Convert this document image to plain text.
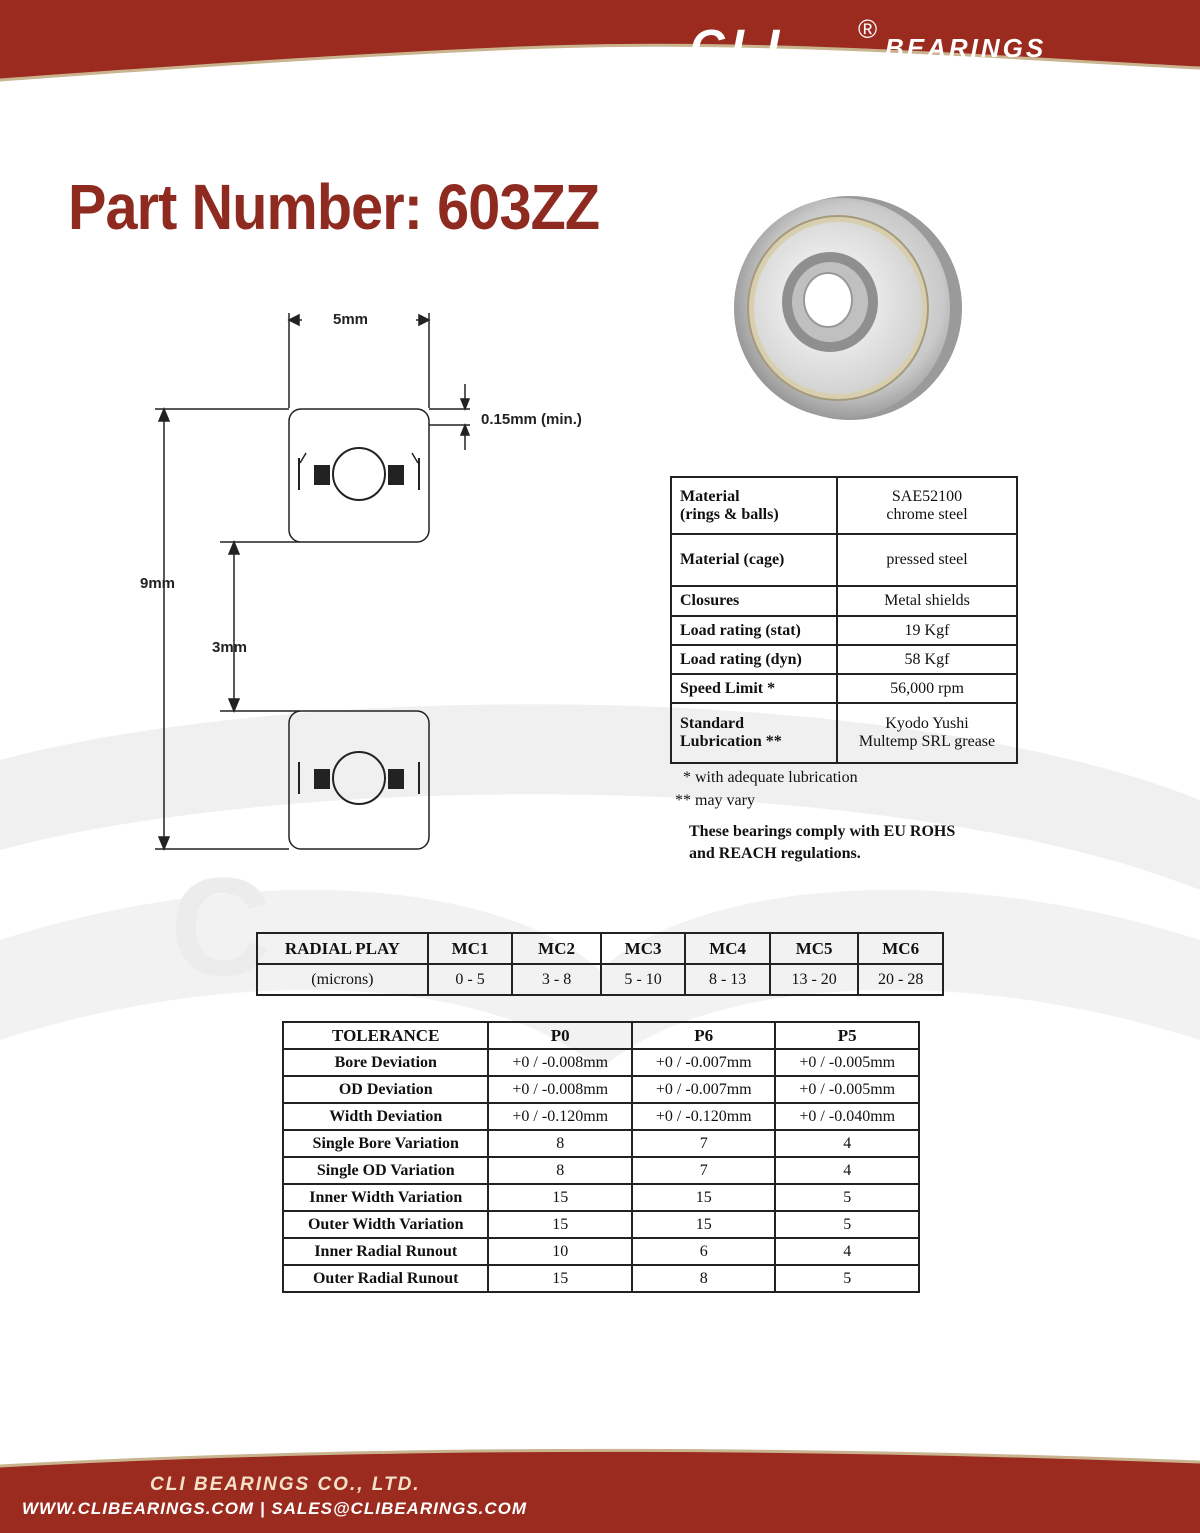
CLI	®
BEARINGS
C
Part Number: 603ZZ
5mm
0.15mm (min.)
9mm
3mm
Material
(rings & balls)	SAE52100
chrome steel
Material (cage)	pressed steel
Closures	Metal shields
Load rating (stat)	19 Kgf
Load rating (dyn)	58 Kgf
Speed Limit *	56,000 rpm
Standard
Lubrication **	Kyodo Yushi
Multemp SRL grease
* with adequate lubrication
** may vary
These bearings comply with EU ROHS
and REACH regulations.
RADIAL PLAY	MC1	MC2	MC3	MC4	MC5	MC6
(microns)	0 - 5	3 - 8	5 - 10	8 - 13	13 - 20	20 - 28
TOLERANCE	P0	P6	P5
Bore Deviation	+0 / -0.008mm	+0 / -0.007mm	+0 / -0.005mm
OD Deviation	+0 / -0.008mm	+0 / -0.007mm	+0 / -0.005mm
Width Deviation	+0 / -0.120mm	+0 / -0.120mm	+0 / -0.040mm
Single Bore Variation	8	7	4
Single OD Variation	8	7	4
Inner Width Variation	15	15	5
Outer Width Variation	15	15	5
Inner Radial Runout	10	6	4
Outer Radial Runout	15	8	5
CLI BEARINGS CO., LTD.
WWW.CLIBEARINGS.COM | SALES@CLIBEARINGS.COM
